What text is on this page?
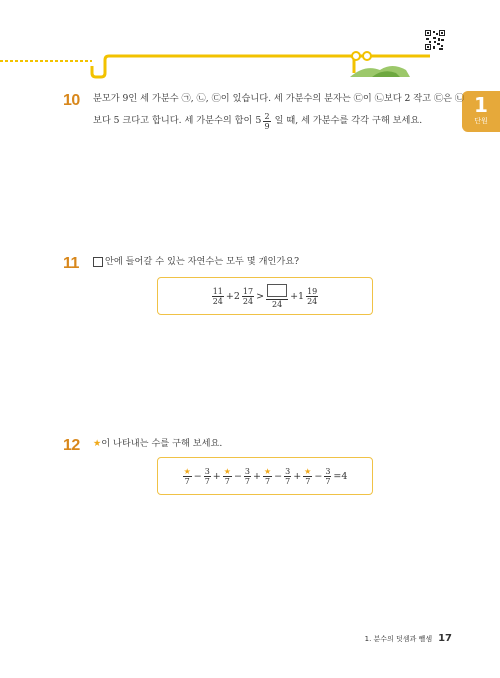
1
단원
10 분모가 9인 세 가분수 ㉠, ㉡, ㉢이 있습니다. 세 가분수의 분자는 ㉢이 ㉡보다 2 작고 ㉢은 ㉡
보다 5 크다고 합니다. 세 가분수의 합이 $5 \frac{2}{9}$ 일 때, 세 가분수를 각각 구해 보세요.
11	안에 들어갈 수 있는 자연수는 모두 몇 개인가요?
$\frac{11}{24} +2 \frac{17}{24}$ >
24
$+1 \frac{19}{24}$
12 ★ 이 나타내는 수를 구해 보세요.
$\frac{★}{7} - \frac{3}{7} + \frac{★}{7} - \frac{3}{7} + \frac{★}{7} - \frac{3}{7} + \frac{★}{7} - \frac{3}{7} =4$
1. 분수의 덧셈과 뺄셈 17
